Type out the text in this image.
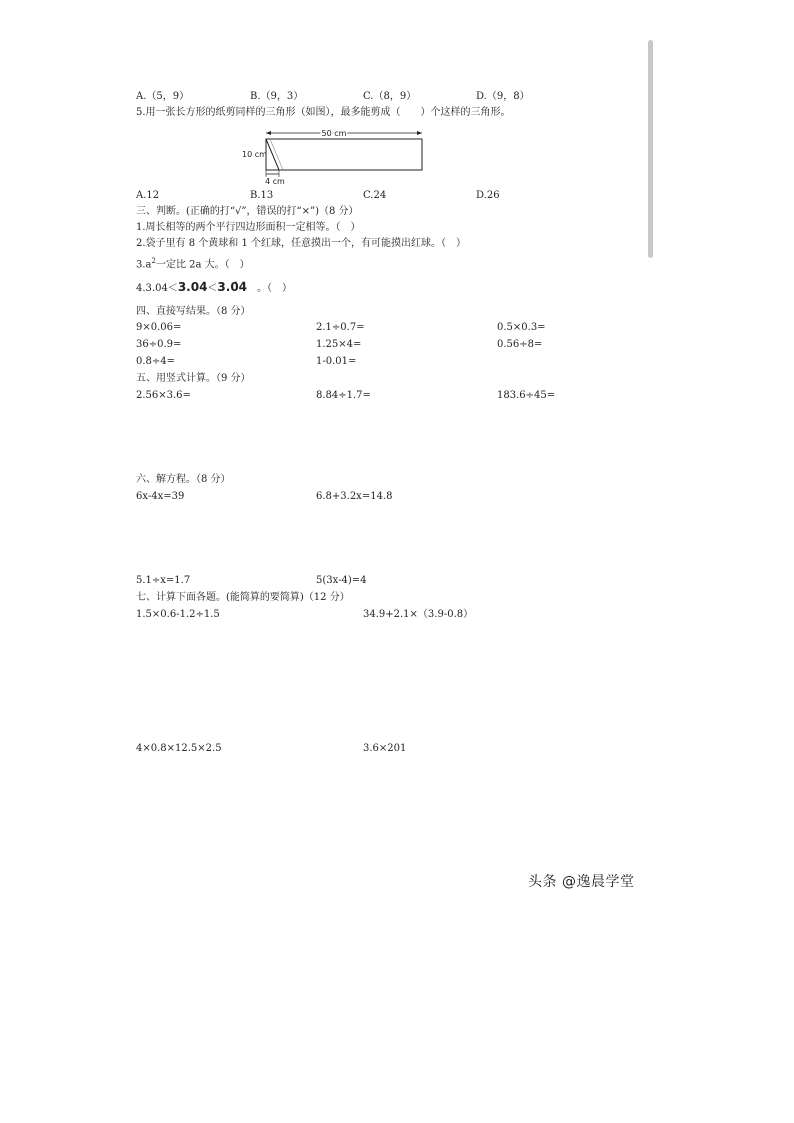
A.（5，9）	B.（9，3）	C.（8，9）	D.（9，8）
5.用一张长方形的纸剪同样的三角形（如图），最多能剪成（　　）个这样的三角形。
50 cm
10 cm
4 cm
A.12	B.13	C.24	D.26
三、判断。(正确的打“√”，错误的打“×”)（8 分）
1.周长相等的两个平行四边形面积一定相等。（　）
2.袋子里有 8 个黄球和 1 个红球，任意摸出一个，有可能摸出红球。（　）
$3.a^2$一定比 2a 大。（　）
4.3.04＜3.04̇＜3.0̇4̇　 。（　）
四、直接写结果。（8 分）
9×0.06=	2.1÷0.7=	0.5×0.3=
36÷0.9=	1.25×4=	0.56÷8=
0.8÷4=	1-0.01=
五、用竖式计算。（9 分）
2.56×3.6=	8.84÷1.7=	183.6÷45=
六、解方程。（8 分）
6x-4x=39	6.8+3.2x=14.8
5.1÷x=1.7	5(3x-4)=4
七、计算下面各题。(能简算的要简算)（12 分）
1.5×0.6-1.2÷1.5	34.9+2.1×（3.9-0.8）
4×0.8×12.5×2.5	3.6×201
头条 @逸晨学堂
